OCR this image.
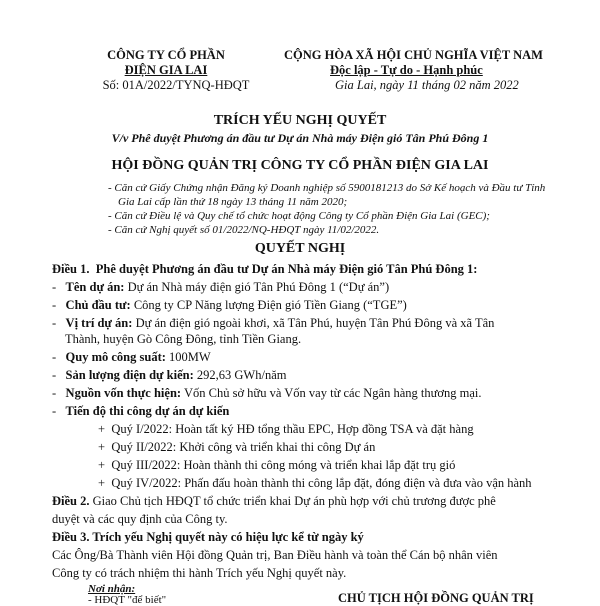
CÔNG TY CỔ PHẦN
ĐIỆN GIA LAI
Số: 01A/2022/TYNQ-HĐQT
CỘNG HÒA XÃ HỘI CHỦ NGHĨA VIỆT NAM
Độc lập - Tự do - Hạnh phúc
Gia Lai, ngày 11 tháng 02 năm 2022
TRÍCH YẾU NGHỊ QUYẾT
V/v Phê duyệt Phương án đầu tư Dự án Nhà máy Điện gió Tân Phú Đông 1
HỘI ĐỒNG QUẢN TRỊ CÔNG TY CỔ PHẦN ĐIỆN GIA LAI
- Căn cứ Giấy Chứng nhận Đăng ký Doanh nghiệp số 5900181213 do Sở Kế hoạch và Đầu tư Tỉnh
Gia Lai cấp lần thứ 18 ngày 13 tháng 11 năm 2020;
- Căn cứ Điều lệ và Quy chế tổ chức hoạt động Công ty Cổ phần Điện Gia Lai (GEC);
- Căn cứ Nghị quyết số 01/2022/NQ-HĐQT ngày 11/02/2022.
QUYẾT NGHỊ
Điều 1. Phê duyệt Phương án đầu tư Dự án Nhà máy Điện gió Tân Phú Đông 1:
-   Tên dự án: Dự án Nhà máy điện gió Tân Phú Đông 1 (“Dự án”)
-   Chủ đầu tư: Công ty CP Năng lượng Điện gió Tiền Giang (“TGE”)
-   Vị trí dự án: Dự án điện gió ngoài khơi, xã Tân Phú, huyện Tân Phú Đông và xã Tân
Thành, huyện Gò Công Đông, tỉnh Tiền Giang.
-   Quy mô công suất: 100MW
-   Sản lượng điện dự kiến: 292,63 GWh/năm
-   Nguồn vốn thực hiện: Vốn Chủ sở hữu và Vốn vay từ các Ngân hàng thương mại.
-   Tiến độ thi công dự án dự kiến
+  Quý I/2022: Hoàn tất ký HĐ tổng thầu EPC, Hợp đồng TSA và đặt hàng
+  Quý II/2022: Khởi công và triển khai thi công Dự án
+  Quý III/2022: Hoàn thành thi công móng và triển khai lắp đặt trụ gió
+  Quý IV/2022: Phấn đấu hoàn thành thi công lắp đặt, đóng điện và đưa vào vận hành
Điều 2. Giao Chủ tịch HĐQT tổ chức triển khai Dự án phù hợp với chủ trương được phê
duyệt và các quy định của Công ty.
Điều 3. Trích yếu Nghị quyết này có hiệu lực kể từ ngày ký
Các Ông/Bà Thành viên Hội đồng Quản trị, Ban Điều hành và toàn thể Cán bộ nhân viên
Công ty có trách nhiệm thi hành Trích yếu Nghị quyết này.
Nơi nhận:
- HĐQT "để biết"	CHỦ TỊCH HỘI ĐỒNG QUẢN TRỊ
